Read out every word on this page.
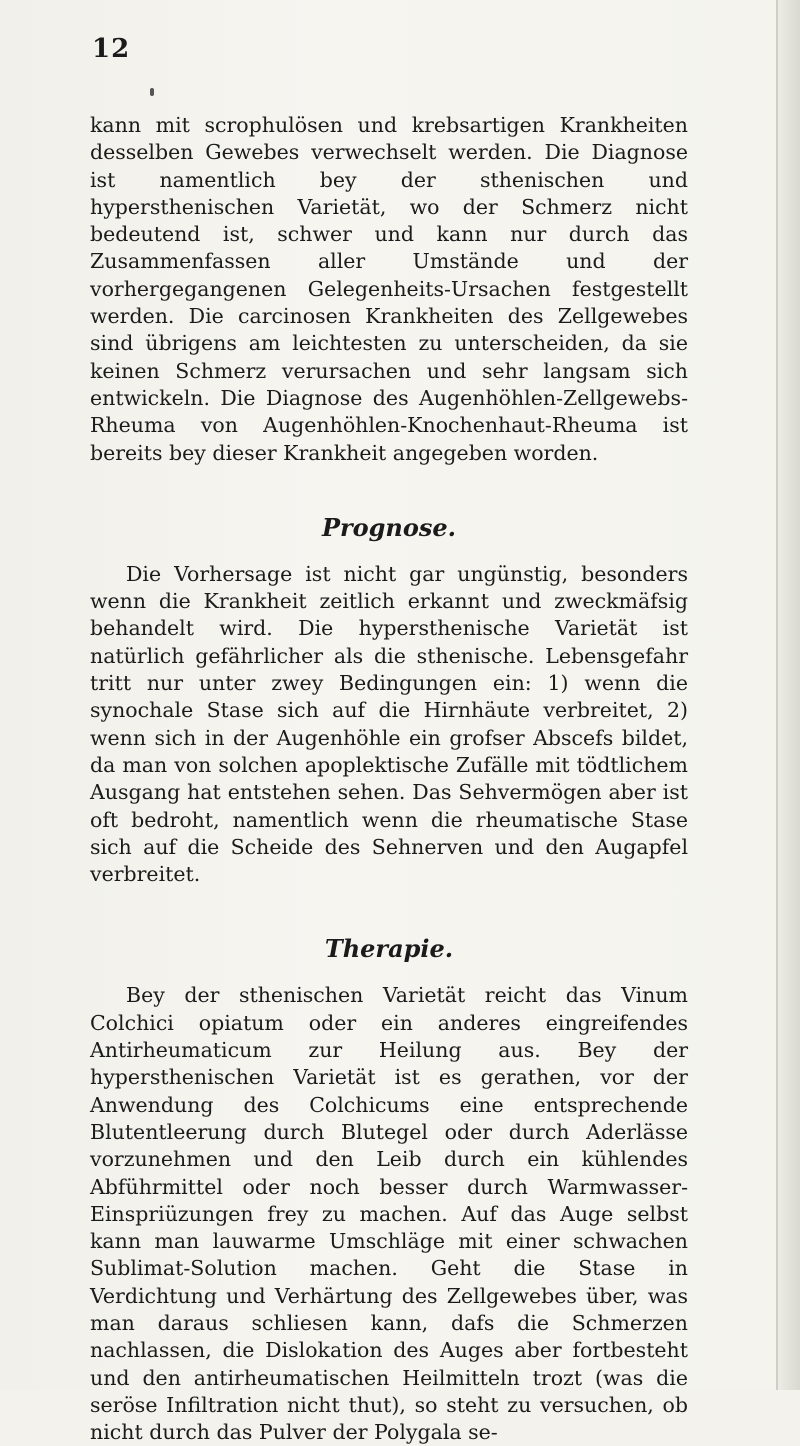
12

kann mit scrophulösen und krebsartigen Krankheiten desselben Gewebes verwechselt werden. Die Diagnose ist namentlich bey der sthenischen und hypersthenischen Varietät, wo der Schmerz nicht bedeutend ist, schwer und kann nur durch das Zusammenfassen aller Umstände und der vorhergegangenen Gelegenheits-Ursachen festgestellt werden. Die carcinosen Krankheiten des Zellgewebes sind übrigens am leichtesten zu unterscheiden, da sie keinen Schmerz verursachen und sehr langsam sich entwickeln. Die Diagnose des Augenhöhlen-Zellgewebs-Rheuma von Augenhöhlen-Knochenhaut-Rheuma ist bereits bey dieser Krankheit angegeben worden.

Prognose.

Die Vorhersage ist nicht gar ungünstig, besonders wenn die Krankheit zeitlich erkannt und zweckmäfsig behandelt wird. Die hypersthenische Varietät ist natürlich gefährlicher als die sthenische. Lebensgefahr tritt nur unter zwey Bedingungen ein: 1) wenn die synochale Stase sich auf die Hirnhäute verbreitet, 2) wenn sich in der Augenhöhle ein grofser Abscefs bildet, da man von solchen apoplektische Zufälle mit tödtlichem Ausgang hat entstehen sehen. Das Sehvermögen aber ist oft bedroht, namentlich wenn die rheumatische Stase sich auf die Scheide des Sehnerven und den Augapfel verbreitet.

Therapie.

Bey der sthenischen Varietät reicht das Vinum Colchici opiatum oder ein anderes eingreifendes Antirheumaticum zur Heilung aus. Bey der hypersthenischen Varietät ist es gerathen, vor der Anwendung des Colchicums eine entsprechende Blutentleerung durch Blutegel oder durch Aderlässe vorzunehmen und den Leib durch ein kühlendes Abführmittel oder noch besser durch Warmwasser-Einspriüzungen frey zu machen. Auf das Auge selbst kann man lauwarme Umschläge mit einer schwachen Sublimat-Solution machen. Geht die Stase in Verdichtung und Verhärtung des Zellgewebes über, was man daraus schliesen kann, dafs die Schmerzen nachlassen, die Dislokation des Auges aber fortbesteht und den antirheumatischen Heilmitteln trozt (was die seröse Infiltration nicht thut), so steht zu versuchen, ob nicht durch das Pulver der Polygala se-
